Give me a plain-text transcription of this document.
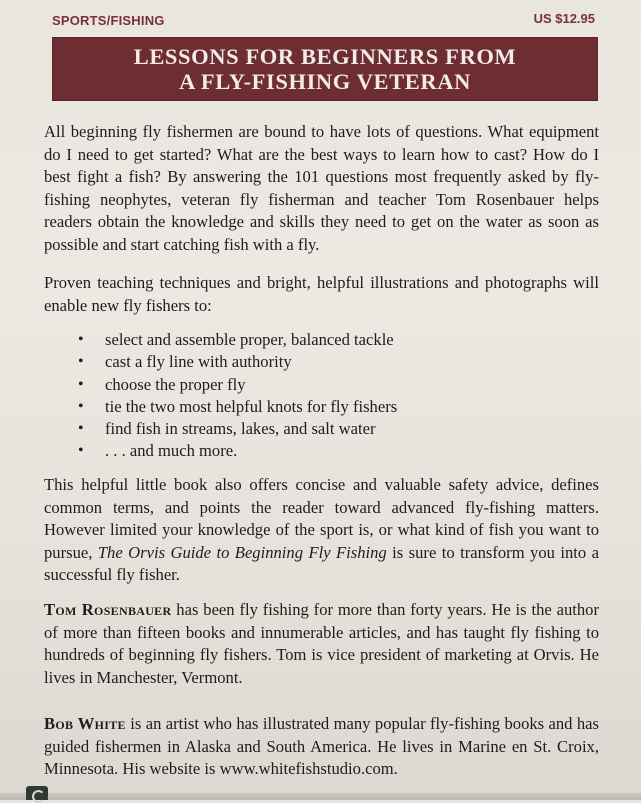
SPORTS/FISHING	US $12.95
LESSONS FOR BEGINNERS FROM
A FLY-FISHING VETERAN

All beginning fly fishermen are bound to have lots of questions. What equipment do I need to get started? What are the best ways to learn how to cast? How do I best fight a fish? By answering the 101 questions most frequently asked by fly-fishing neophytes, veteran fly fisherman and teacher Tom Rosenbauer helps readers obtain the knowledge and skills they need to get on the water as soon as possible and start catching fish with a fly.

Proven teaching techniques and bright, helpful illustrations and photographs will enable new fly fishers to:

• select and assemble proper, balanced tackle
• cast a fly line with authority
• choose the proper fly
• tie the two most helpful knots for fly fishers
• find fish in streams, lakes, and salt water
• . . . and much more.

This helpful little book also offers concise and valuable safety advice, defines common terms, and points the reader toward advanced fly-fishing matters. However limited your knowledge of the sport is, or what kind of fish you want to pursue, The Orvis Guide to Beginning Fly Fishing is sure to transform you into a successful fly fisher.

Tom Rosenbauer has been fly fishing for more than forty years. He is the author of more than fifteen books and innumerable articles, and has taught fly fishing to hundreds of beginning fly fishers. Tom is vice president of marketing at Orvis. He lives in Manchester, Vermont.

Bob White is an artist who has illustrated many popular fly-fishing books and has guided fishermen in Alaska and South America. He lives in Marine en St. Croix, Minnesota. His website is www.whitefishstudio.com.
